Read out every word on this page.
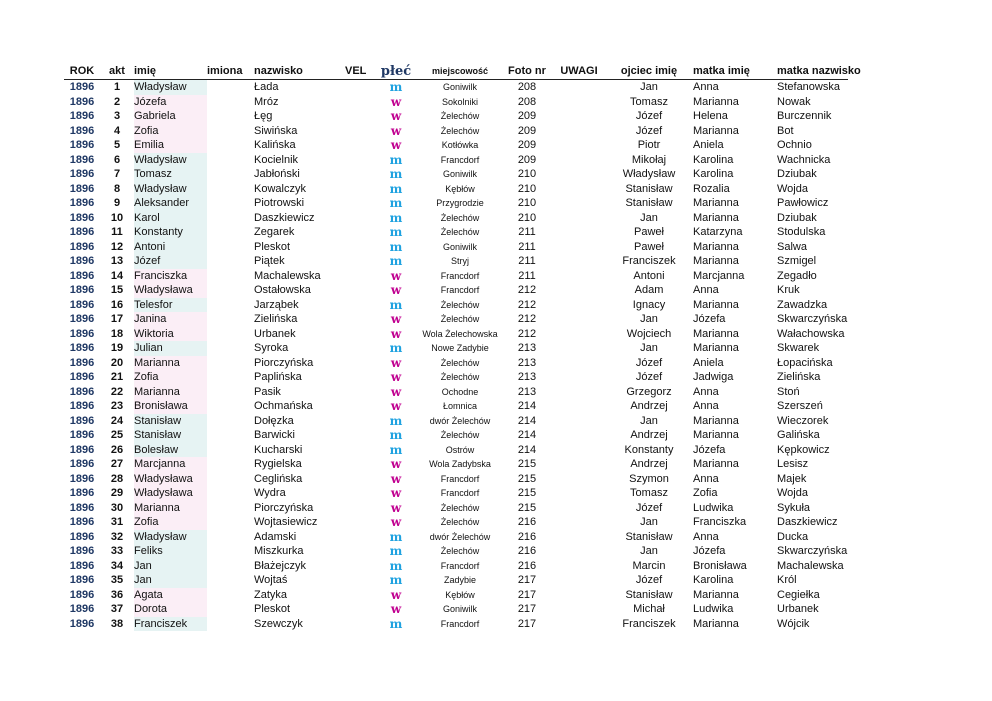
ROK	akt	imię	imiona	nazwisko	VEL	płeć	miejscowość	Foto nr	UWAGI	ojciec imię	matka imię	matka nazwisko
1896	1	Władysław		Łada		m	Goniwilk	208		Jan	Anna	Stefanowska
1896	2	Józefa		Mróz		w	Sokolniki	208		Tomasz	Marianna	Nowak
1896	3	Gabriela		Łęg		w	Żelechów	209		Józef	Helena	Burczennik
1896	4	Zofia		Siwińska		w	Żelechów	209		Józef	Marianna	Bot
1896	5	Emilia		Kalińska		w	Kotłówka	209		Piotr	Aniela	Ochnio
1896	6	Władysław		Kocielnik		m	Francdorf	209		Mikołaj	Karolina	Wachnicka
1896	7	Tomasz		Jabłoński		m	Goniwilk	210		Władysław	Karolina	Dziubak
1896	8	Władysław		Kowalczyk		m	Kębłów	210		Stanisław	Rozalia	Wojda
1896	9	Aleksander		Piotrowski		m	Przygrodzie	210		Stanisław	Marianna	Pawłowicz
1896	10	Karol		Daszkiewicz		m	Żelechów	210		Jan	Marianna	Dziubak
1896	11	Konstanty		Zegarek		m	Żelechów	211		Paweł	Katarzyna	Stodulska
1896	12	Antoni		Pleskot		m	Goniwilk	211		Paweł	Marianna	Salwa
1896	13	Józef		Piątek		m	Stryj	211		Franciszek	Marianna	Szmigel
1896	14	Franciszka		Machalewska		w	Francdorf	211		Antoni	Marcjanna	Zegadło
1896	15	Władysława		Ostałowska		w	Francdorf	212		Adam	Anna	Kruk
1896	16	Telesfor		Jarząbek		m	Żelechów	212		Ignacy	Marianna	Zawadzka
1896	17	Janina		Zielińska		w	Żelechów	212		Jan	Józefa	Skwarczyńska
1896	18	Wiktoria		Urbanek		w	Wola Żelechowska	212		Wojciech	Marianna	Wałachowska
1896	19	Julian		Syroka		m	Nowe Zadybie	213		Jan	Marianna	Skwarek
1896	20	Marianna		Piorczyńska		w	Żelechów	213		Józef	Aniela	Łopacińska
1896	21	Zofia		Paplińska		w	Żelechów	213		Józef	Jadwiga	Zielińska
1896	22	Marianna		Pasik		w	Ochodne	213		Grzegorz	Anna	Stoń
1896	23	Bronisława		Ochmańska		w	Łomnica	214		Andrzej	Anna	Szerszeń
1896	24	Stanisław		Dołęzka		m	dwór Żelechów	214		Jan	Marianna	Wieczorek
1896	25	Stanisław		Barwicki		m	Żelechów	214		Andrzej	Marianna	Galińska
1896	26	Bolesław		Kucharski		m	Ostrów	214		Konstanty	Józefa	Kępkowicz
1896	27	Marcjanna		Rygielska		w	Wola Zadybska	215		Andrzej	Marianna	Lesisz
1896	28	Władysława		Ceglińska		w	Francdorf	215		Szymon	Anna	Majek
1896	29	Władysława		Wydra		w	Francdorf	215		Tomasz	Zofia	Wojda
1896	30	Marianna		Piorczyńska		w	Żelechów	215		Józef	Ludwika	Sykuła
1896	31	Zofia		Wojtasiewicz		w	Żelechów	216		Jan	Franciszka	Daszkiewicz
1896	32	Władysław		Adamski		m	dwór Żelechów	216		Stanisław	Anna	Ducka
1896	33	Feliks		Miszkurka		m	Żelechów	216		Jan	Józefa	Skwarczyńska
1896	34	Jan		Błażejczyk		m	Francdorf	216		Marcin	Bronisława	Machalewska
1896	35	Jan		Wojtaś		m	Zadybie	217		Józef	Karolina	Król
1896	36	Agata		Zatyka		w	Kębłów	217		Stanisław	Marianna	Cegiełka
1896	37	Dorota		Pleskot		w	Goniwilk	217		Michał	Ludwika	Urbanek
1896	38	Franciszek		Szewczyk		m	Francdorf	217		Franciszek	Marianna	Wójcik
